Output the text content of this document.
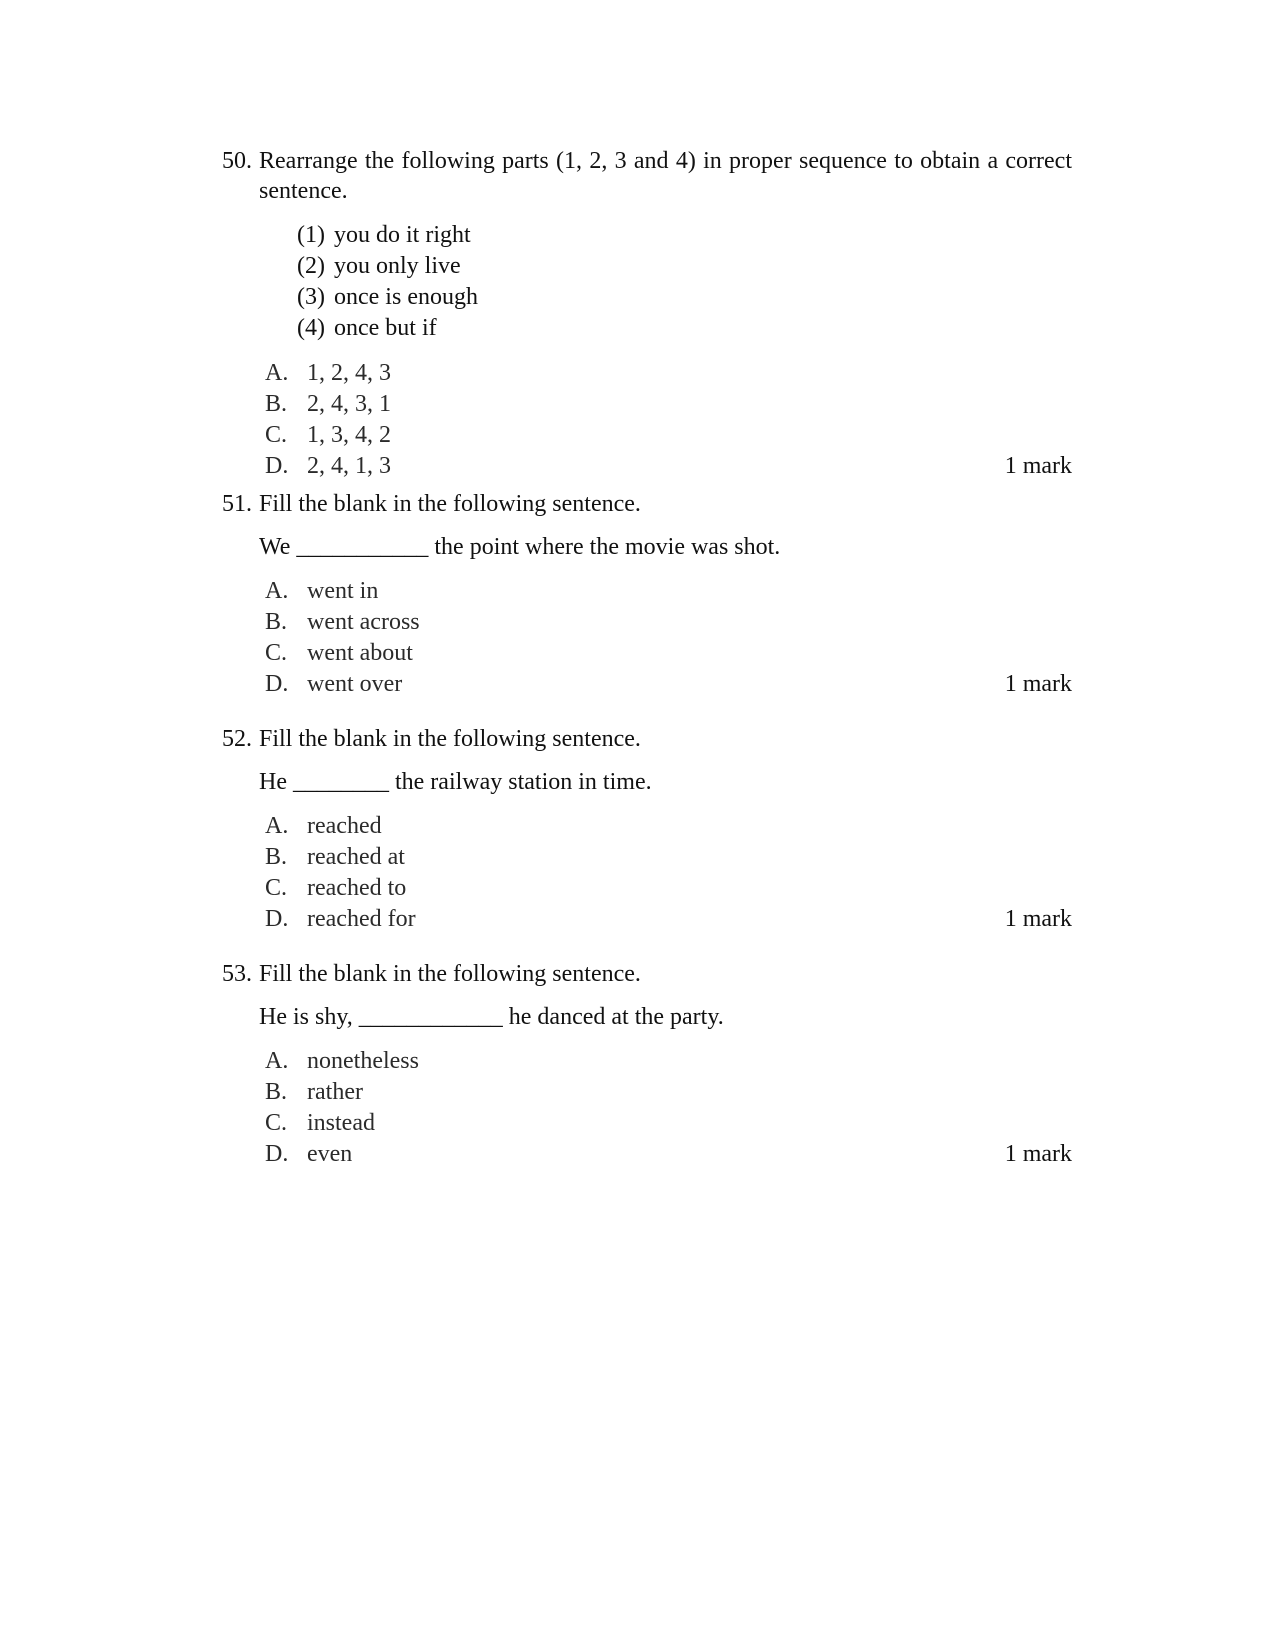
50. Rearrange the following parts (1, 2, 3 and 4) in proper sequence to obtain a correct sentence.
(1) you do it right
(2) you only live
(3) once is enough
(4) once but if
A. 1, 2, 4, 3
B. 2, 4, 3, 1
C. 1, 3, 4, 2
D. 2, 4, 1, 3	1 mark
51. Fill the blank in the following sentence.
We ___________ the point where the movie was shot.
A. went in
B. went across
C. went about
D. went over	1 mark
52. Fill the blank in the following sentence.
He ________ the railway station in time.
A. reached
B. reached at
C. reached to
D. reached for	1 mark
53. Fill the blank in the following sentence.
He is shy, ____________ he danced at the party.
A. nonetheless
B. rather
C. instead
D. even	1 mark
